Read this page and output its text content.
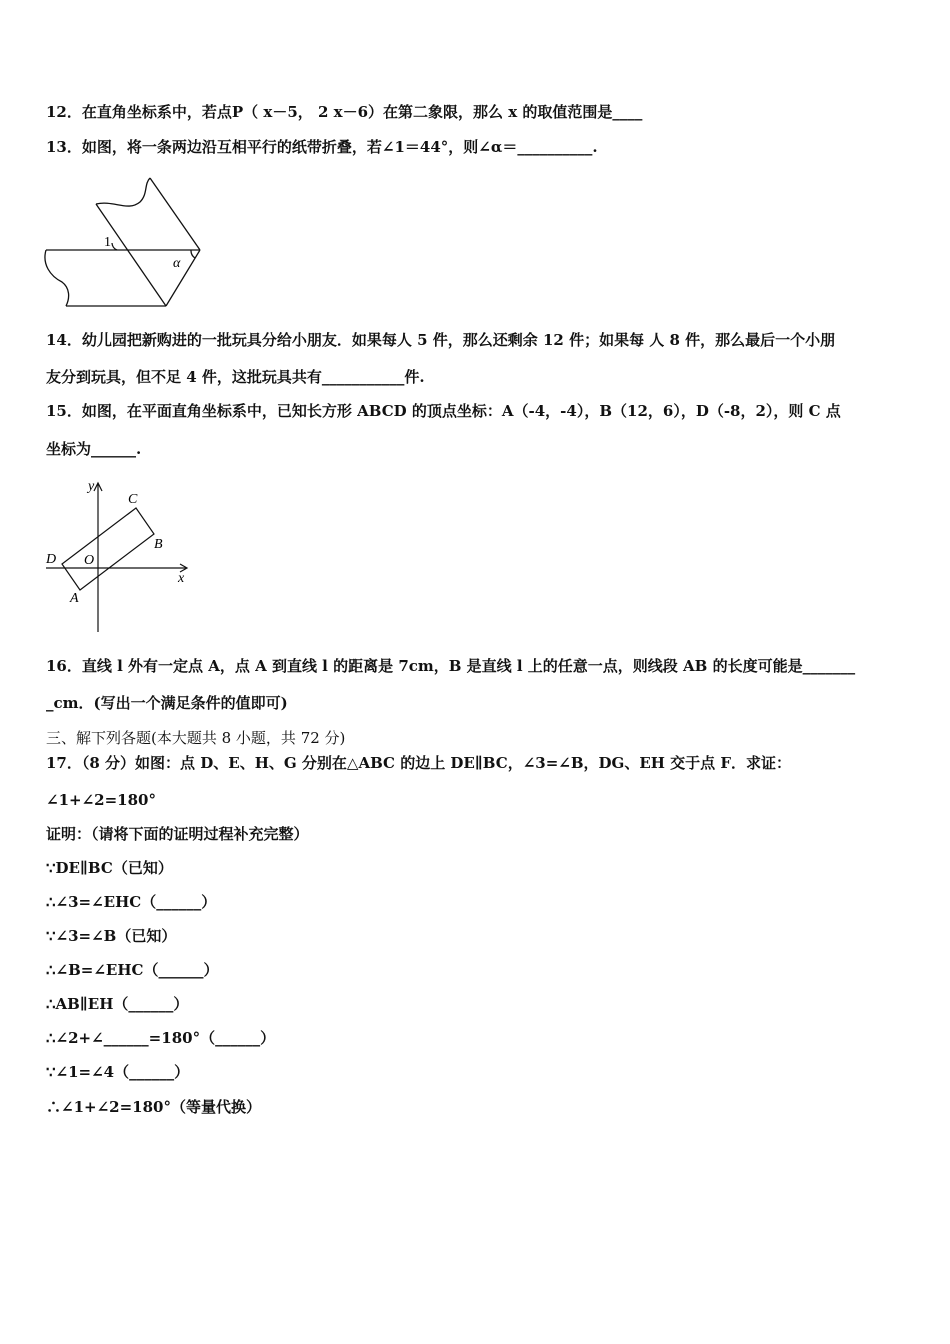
12．在直角坐标系中，若点P（ x－5， 2 x－6）在第二象限，那么 x 的取值范围是____
13．如图，将一条两边沿互相平行的纸带折叠，若∠1＝44°，则∠α＝__________.
1
α
14．幼儿园把新购进的一批玩具分给小朋友．如果每人 5 件，那么还剩余 12 件；如果每 人 8 件，那么最后一个小朋
友分到玩具，但不足 4 件，这批玩具共有___________件.
15．如图，在平面直角坐标系中，已知长方形 ABCD 的顶点坐标：A（-4，-4），B（12，6），D（-8，2），则 C 点
坐标为______.
y
x
C
B
D O
A
16．直线 l 外有一定点 A，点 A 到直线 l 的距离是 7cm，B 是直线 l 上的任意一点，则线段 AB 的长度可能是_______
_cm．(写出一个满足条件的值即可)
三、解下列各题(本大题共 8 小题，共 72 分)
17．（8 分）如图：点 D、E、H、G 分别在△ABC 的边上 DE∥BC，∠3=∠B，DG、EH 交于点 F．求证：
∠1+∠2=180°
证明：（请将下面的证明过程补充完整）
∵DE∥BC（已知）
∴∠3=∠EHC（______）
∵∠3=∠B（已知）
∴∠B=∠EHC（______）
∴AB∥EH（______）
∴∠2+∠______=180°（______）
∵∠1=∠4（______）
∴∠1+∠2=180°（等量代换）
